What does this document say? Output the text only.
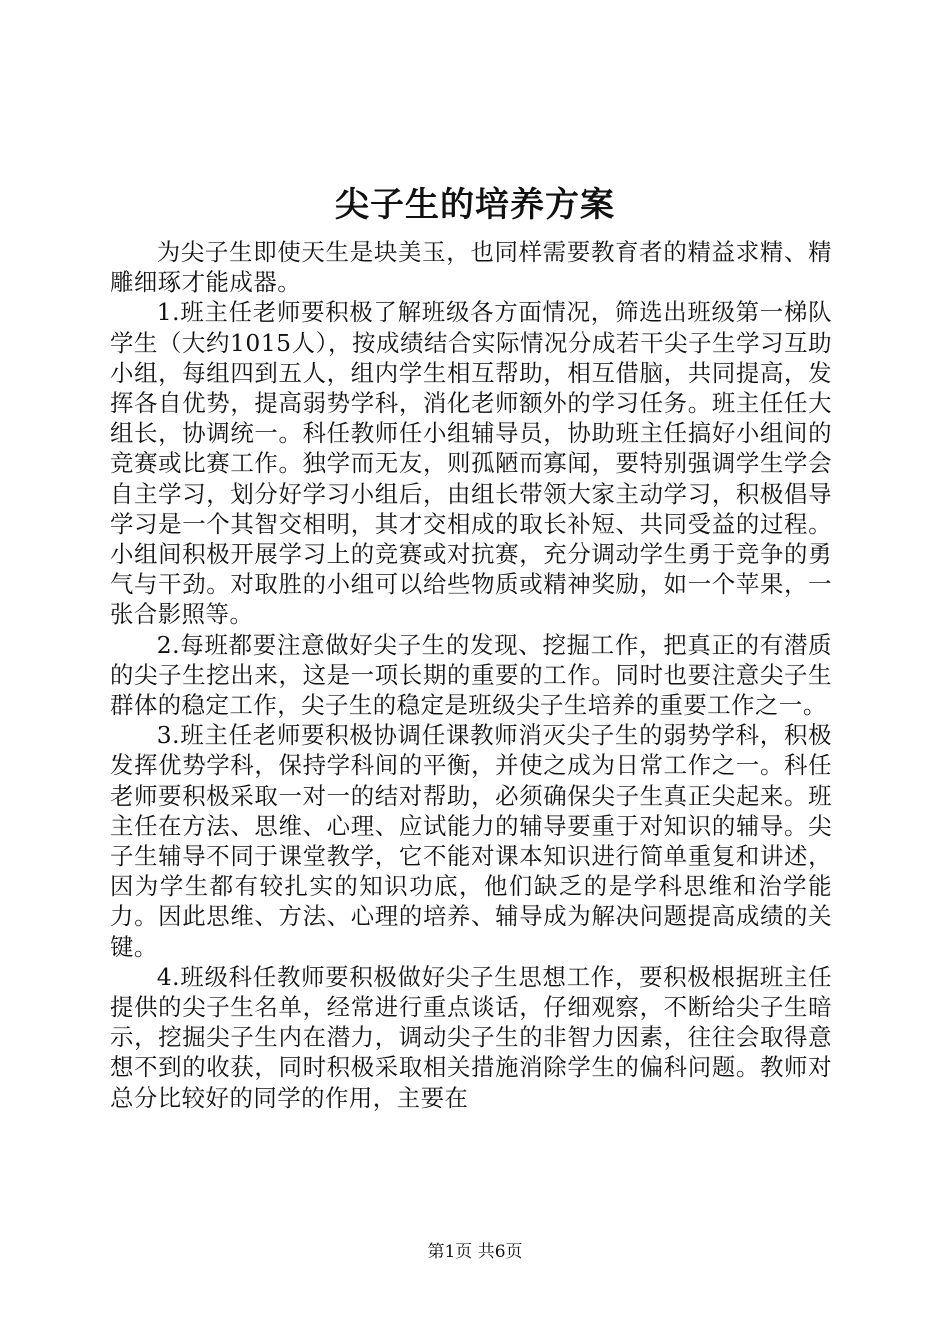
尖子生的培养方案

为尖子生即使天生是块美玉，也同样需要教育者的精益求精、精雕细琢才能成器。

1.班主任老师要积极了解班级各方面情况，筛选出班级第一梯队学生（大约1015人），按成绩结合实际情况分成若干尖子生学习互助小组，每组四到五人，组内学生相互帮助，相互借脑，共同提高，发挥各自优势，提高弱势学科，消化老师额外的学习任务。班主任任大组长，协调统一。科任教师任小组辅导员，协助班主任搞好小组间的竞赛或比赛工作。独学而无友，则孤陋而寡闻，要特别强调学生学会自主学习，划分好学习小组后，由组长带领大家主动学习，积极倡导学习是一个其智交相明，其才交相成的取长补短、共同受益的过程。小组间积极开展学习上的竞赛或对抗赛，充分调动学生勇于竞争的勇气与干劲。对取胜的小组可以给些物质或精神奖励，如一个苹果，一张合影照等。

2.每班都要注意做好尖子生的发现、挖掘工作，把真正的有潜质的尖子生挖出来，这是一项长期的重要的工作。同时也要注意尖子生群体的稳定工作，尖子生的稳定是班级尖子生培养的重要工作之一。

3.班主任老师要积极协调任课教师消灭尖子生的弱势学科，积极发挥优势学科，保持学科间的平衡，并使之成为日常工作之一。科任老师要积极采取一对一的结对帮助，必须确保尖子生真正尖起来。班主任在方法、思维、心理、应试能力的辅导要重于对知识的辅导。尖子生辅导不同于课堂教学，它不能对课本知识进行简单重复和讲述，因为学生都有较扎实的知识功底，他们缺乏的是学科思维和治学能力。因此思维、方法、心理的培养、辅导成为解决问题提高成绩的关键。

4.班级科任教师要积极做好尖子生思想工作，要积极根据班主任提供的尖子生名单，经常进行重点谈话，仔细观察，不断给尖子生暗示，挖掘尖子生内在潜力，调动尖子生的非智力因素，往往会取得意想不到的收获，同时积极采取相关措施消除学生的偏科问题。教师对总分比较好的同学的作用，主要在

第1页 共6页
